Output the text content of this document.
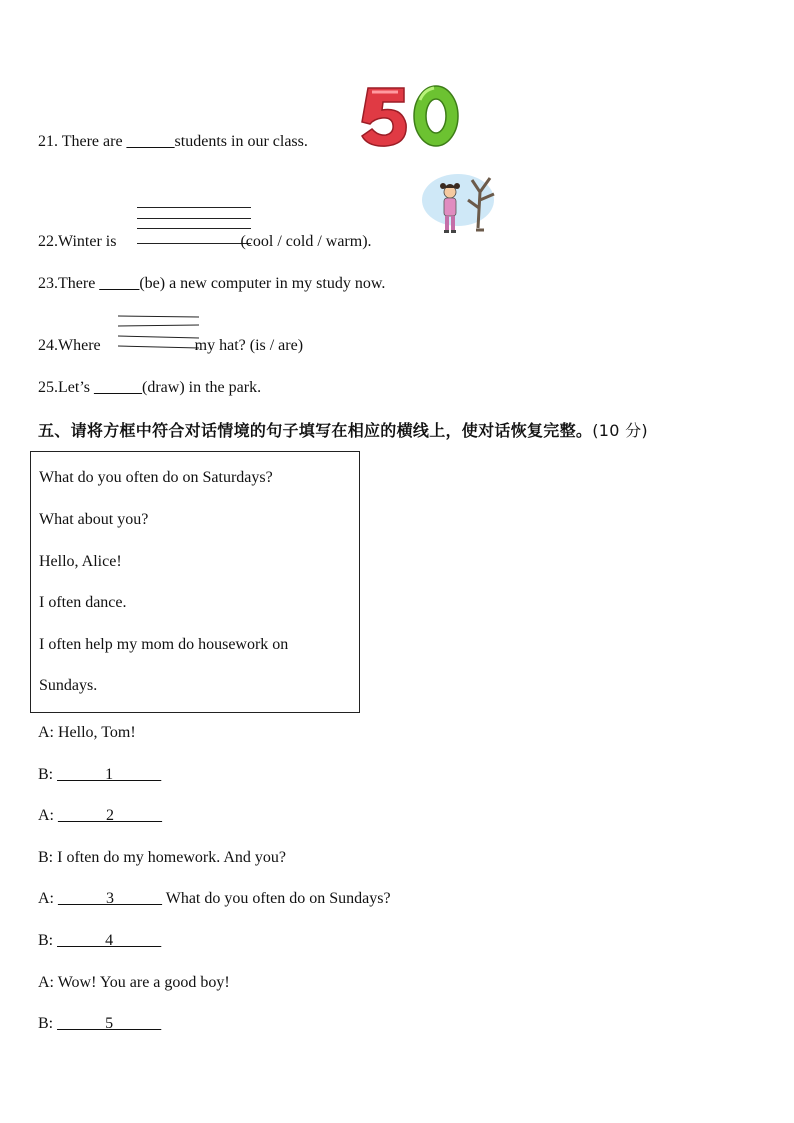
21. There are ______students in our class.
22.Winter is	(cool / cold / warm).
23.There _____(be) a new computer in my study now.
24.Where	my hat? (is / are)
25.Let’s ______(draw) in the park.
五、请将方框中符合对话情境的句子填写在相应的横线上，使对话恢复完整。(10 分)
What do you often do on Saturdays?
What about you?
Hello, Alice!
I often dance.
I often help my mom do housework on
Sundays.
A: Hello, Tom!
B: ______1______
A: ______2______
B: I often do my homework. And you?
A: ______3______ What do you often do on Sundays?
B: ______4______
A: Wow! You are a good boy!
B: ______5______
